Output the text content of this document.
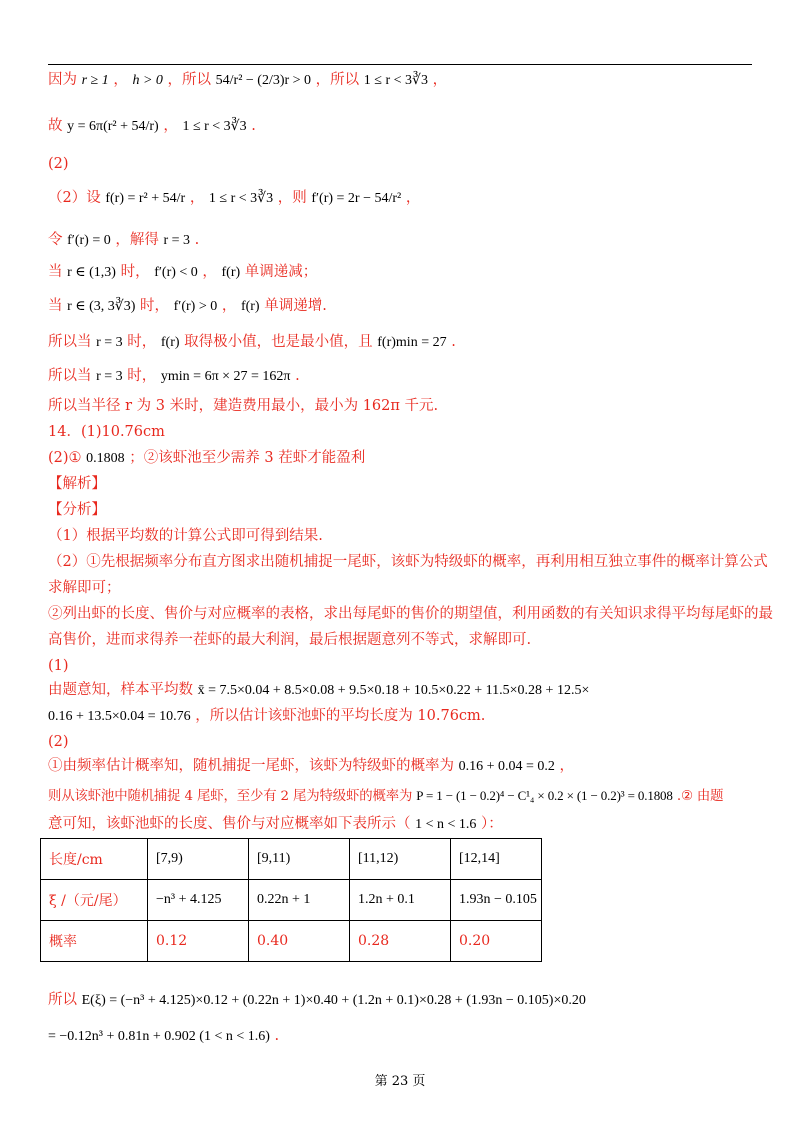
因为 r ≥ 1 ， h > 0 ，所以 54/r² − (2/3)r > 0 ，所以 1 ≤ r < 3∛3 ，
故 y = 6π(r² + 54/r) ， 1 ≤ r < 3∛3 .
(2)
（2）设 f(r) = r² + 54/r ， 1 ≤ r < 3∛3 ，则 f′(r) = 2r − 54/r² ，
令 f′(r) = 0 ，解得 r = 3 .
当 r ∈ (1,3) 时， f′(r) < 0 ， f(r) 单调递减；
当 r ∈ (3, 3∛3) 时， f′(r) > 0 ， f(r) 单调递增.
所以当 r = 3 时， f(r) 取得极小值，也是最小值，且 f(r)min = 27 .
所以当 r = 3 时， ymin = 6π × 27 = 162π .
所以当半径 r 为 3 米时，建造费用最小，最小为 162π 千元.
14．(1)10.76cm
(2)① 0.1808 ；②该虾池至少需养 3 茬虾才能盈利
【解析】
【分析】
（1）根据平均数的计算公式即可得到结果.
（2）①先根据频率分布直方图求出随机捕捉一尾虾，该虾为特级虾的概率，再利用相互独立事件的概率计算公式
求解即可；
②列出虾的长度、售价与对应概率的表格，求出每尾虾的售价的期望值，利用函数的有关知识求得平均每尾虾的最
高售价，进而求得养一茬虾的最大利润，最后根据题意列不等式，求解即可.
(1)
由题意知，样本平均数 x̄ = 7.5×0.04 + 8.5×0.08 + 9.5×0.18 + 10.5×0.22 + 11.5×0.28 + 12.5×
0.16 + 13.5×0.04 = 10.76 ，所以估计该虾池虾的平均长度为 10.76cm.
(2)
①由频率估计概率知，随机捕捉一尾虾，该虾为特级虾的概率为 0.16 + 0.04 = 0.2 ，
则从该虾池中随机捕捉 4 尾虾，至少有 2 尾为特级虾的概率为 P = 1 − (1 − 0.2)⁴ − C¹₄ × 0.2 × (1 − 0.2)³ = 0.1808 .② 由题
意可知，该虾池虾的长度、售价与对应概率如下表所示（ 1 < n < 1.6 ）：
长度/cm	[7,9)	[9,11)	[11,12)	[12,14]
ξ /（元/尾）	−n³ + 4.125	0.22n + 1	1.2n + 0.1	1.93n − 0.105
概率	0.12	0.40	0.28	0.20
所以 E(ξ) = (−n³ + 4.125)×0.12 + (0.22n + 1)×0.40 + (1.2n + 0.1)×0.28 + (1.93n − 0.105)×0.20
= −0.12n³ + 0.81n + 0.902 (1 < n < 1.6) .
第 23 页
